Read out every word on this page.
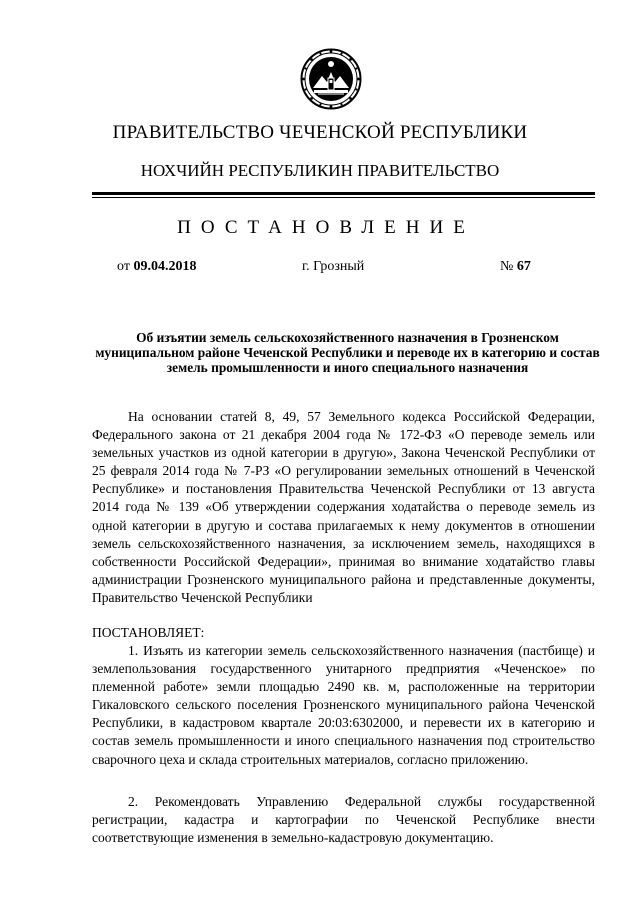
ПРАВИТЕЛЬСТВО ЧЕЧЕНСКОЙ РЕСПУБЛИКИ
НОХЧИЙН РЕСПУБЛИКИН ПРАВИТЕЛЬСТВО
ПОСТАНОВЛЕНИЕ
от 09.04.2018	г. Грозный	№ 67
Об изъятии земель сельскохозяйственного назначения в Грозненском муниципальном районе Чеченской Республики и переводе их в категорию и состав земель промышленности и иного специального назначения
На основании статей 8, 49, 57 Земельного кодекса Российской Федерации, Федерального закона от 21 декабря 2004 года № 172-ФЗ «О переводе земель или земельных участков из одной категории в другую», Закона Чеченской Республики от 25 февраля 2014 года № 7-РЗ «О регулировании земельных отношений в Чеченской Республике» и постановления Правительства Чеченской Республики от 13 августа 2014 года № 139 «Об утверждении содержания ходатайства о переводе земель из одной категории в другую и состава прилагаемых к нему документов в отношении земель сельскохозяйственного назначения, за исключением земель, находящихся в собственности Российской Федерации», принимая во внимание ходатайство главы администрации Грозненского муниципального района и представленные документы, Правительство Чеченской Республики
ПОСТАНОВЛЯЕТ:
1. Изъять из категории земель сельскохозяйственного назначения (пастбище) и землепользования государственного унитарного предприятия «Чеченское» по племенной работе» земли площадью 2490 кв. м, расположенные на территории Гикаловского сельского поселения Грозненского муниципального района Чеченской Республики, в кадастровом квартале 20:03:6302000, и перевести их в категорию и состав земель промышленности и иного специального назначения под строительство сварочного цеха и склада строительных материалов, согласно приложению.
2. Рекомендовать Управлению Федеральной службы государственной регистрации, кадастра и картографии по Чеченской Республике внести соответствующие изменения в земельно-кадастровую документацию.
